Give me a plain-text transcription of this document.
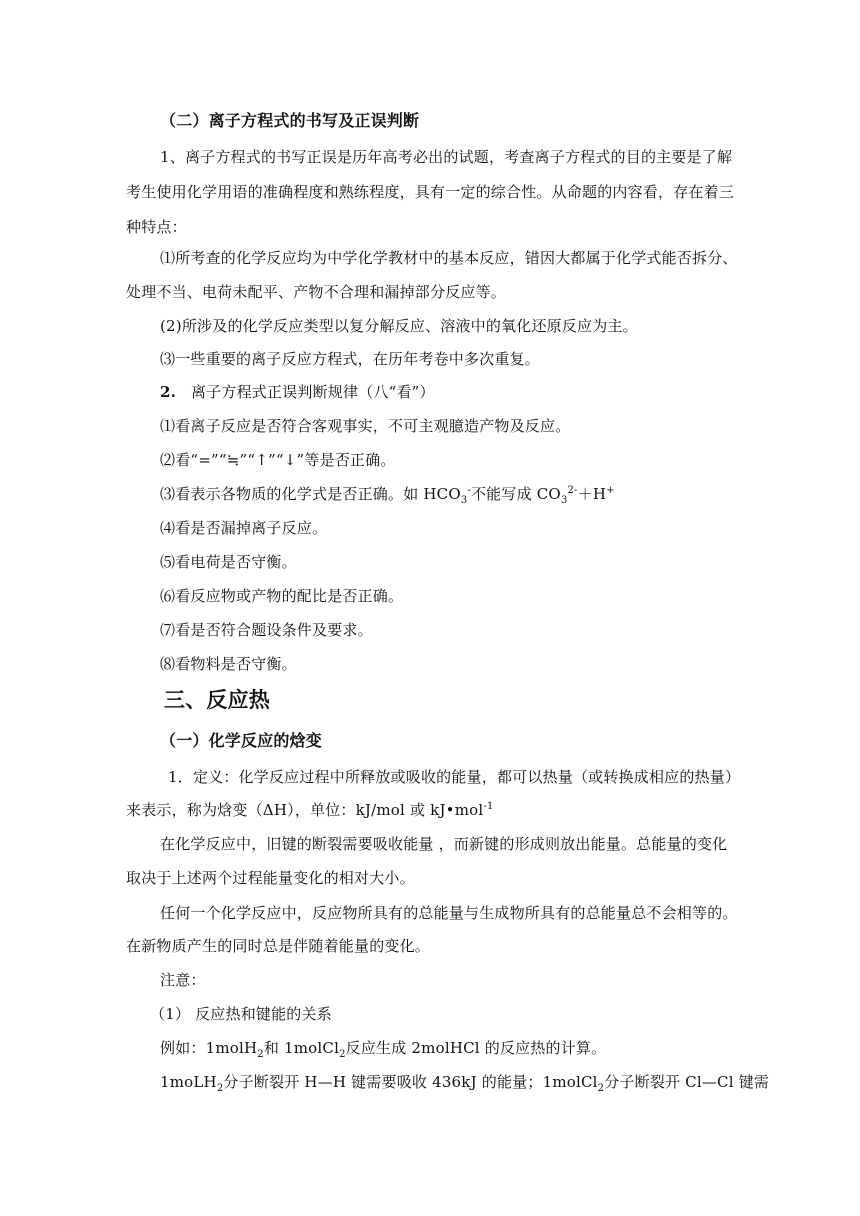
（二）离子方程式的书写及正误判断
1、离子方程式的书写正误是历年高考必出的试题，考查离子方程式的目的主要是了解
考生使用化学用语的准确程度和熟练程度，具有一定的综合性。从命题的内容看，存在着三
种特点：
⑴所考查的化学反应均为中学化学教材中的基本反应，错因大都属于化学式能否拆分、
处理不当、电荷未配平、产物不合理和漏掉部分反应等。
(2)所涉及的化学反应类型以复分解反应、溶液中的氧化还原反应为主。
⑶一些重要的离子反应方程式，在历年考卷中多次重复。
2. 离子方程式正误判断规律（八“看”）
⑴看离子反应是否符合客观事实，不可主观臆造产物及反应。
⑵看“=”“≒”“↑”“↓”等是否正确。
⑶看表示各物质的化学式是否正确。如 $HCO_3^-$不能写成 $CO_3^{2-}+H^+$
⑷看是否漏掉离子反应。
⑸看电荷是否守衡。
⑹看反应物或产物的配比是否正确。
⑺看是否符合题设条件及要求。
⑻看物料是否守衡。
三、反应热
（一）化学反应的焓变
1．定义：化学反应过程中所释放或吸收的能量，都可以热量（或转换成相应的热量）
来表示，称为焓变（ΔH），单位：kJ/mol 或 kJ•mol$^{-1}$
在化学反应中，旧键的断裂需要吸收能量 ，而新键的形成则放出能量。总能量的变化
取决于上述两个过程能量变化的相对大小。
任何一个化学反应中，反应物所具有的总能量与生成物所具有的总能量总不会相等的。
在新物质产生的同时总是伴随着能量的变化。
注意：
（1） 反应热和键能的关系
例如：1molH$_2$和 1molCl$_2$反应生成 2molHCl 的反应热的计算。
1moLH$_2$分子断裂开 H—H 键需要吸收 436kJ 的能量；1molCl$_2$分子断裂开 Cl—Cl 键需
